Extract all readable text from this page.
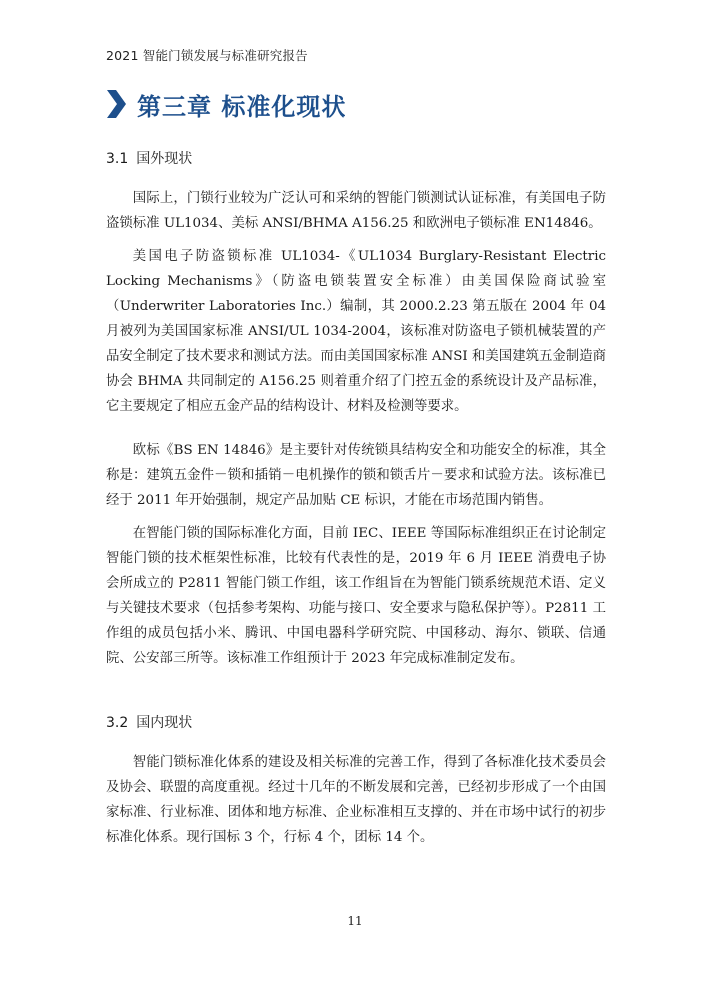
2021 智能门锁发展与标准研究报告
第三章 标准化现状
3.1 国外现状

国际上，门锁行业较为广泛认可和采纳的智能门锁测试认证标准，有美国电子防盗锁标准 UL1034、美标 ANSI/BHMA A156.25 和欧洲电子锁标准 EN14846。

美国电子防盗锁标准 UL1034-《UL1034 Burglary-Resistant Electric Locking Mechanisms》（防盗电锁装置安全标准）由美国保险商试验室（Underwriter Laboratories Inc.）编制，其 2000.2.23 第五版在 2004 年 04 月被列为美国国家标准 ANSI/UL 1034-2004，该标准对防盗电子锁机械装置的产品安全制定了技术要求和测试方法。而由美国国家标准 ANSI 和美国建筑五金制造商协会 BHMA 共同制定的 A156.25 则着重介绍了门控五金的系统设计及产品标准，它主要规定了相应五金产品的结构设计、材料及检测等要求。

欧标《BS EN 14846》是主要针对传统锁具结构安全和功能安全的标准，其全称是：建筑五金件－锁和插销－电机操作的锁和锁舌片－要求和试验方法。该标准已经于 2011 年开始强制，规定产品加贴 CE 标识，才能在市场范围内销售。

在智能门锁的国际标准化方面，目前 IEC、IEEE 等国际标准组织正在讨论制定智能门锁的技术框架性标准，比较有代表性的是，2019 年 6 月 IEEE 消费电子协会所成立的 P2811 智能门锁工作组，该工作组旨在为智能门锁系统规范术语、定义与关键技术要求（包括参考架构、功能与接口、安全要求与隐私保护等）。P2811 工作组的成员包括小米、腾讯、中国电器科学研究院、中国移动、海尔、锁联、信通院、公安部三所等。该标准工作组预计于 2023 年完成标准制定发布。

3.2 国内现状

智能门锁标准化体系的建设及相关标准的完善工作，得到了各标准化技术委员会及协会、联盟的高度重视。经过十几年的不断发展和完善，已经初步形成了一个由国家标准、行业标准、团体和地方标准、企业标准相互支撑的、并在市场中试行的初步标准化体系。现行国标 3 个，行标 4 个，团标 14 个。

11
